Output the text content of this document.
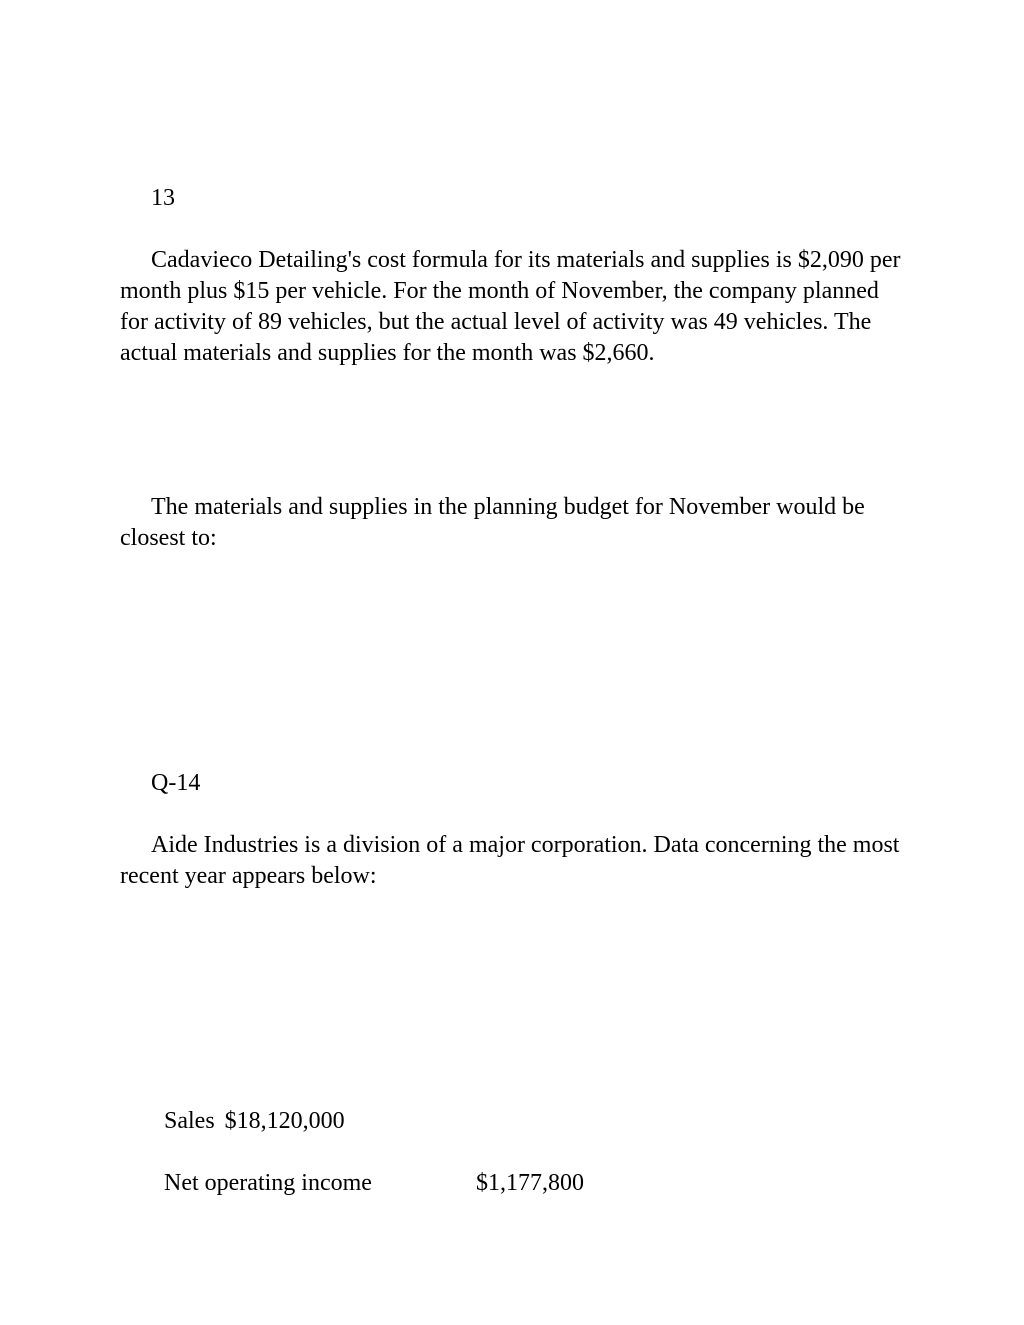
13

Cadavieco Detailing's cost formula for its materials and supplies is $2,090 per month plus $15 per vehicle. For the month of November, the company planned for activity of 89 vehicles, but the actual level of activity was 49 vehicles. The actual materials and supplies for the month was $2,660.

The materials and supplies in the planning budget for November would be closest to:

Q-14

Aide Industries is a division of a major corporation. Data concerning the most recent year appears below:

Sales $18,120,000

Net operating income	$1,177,800
